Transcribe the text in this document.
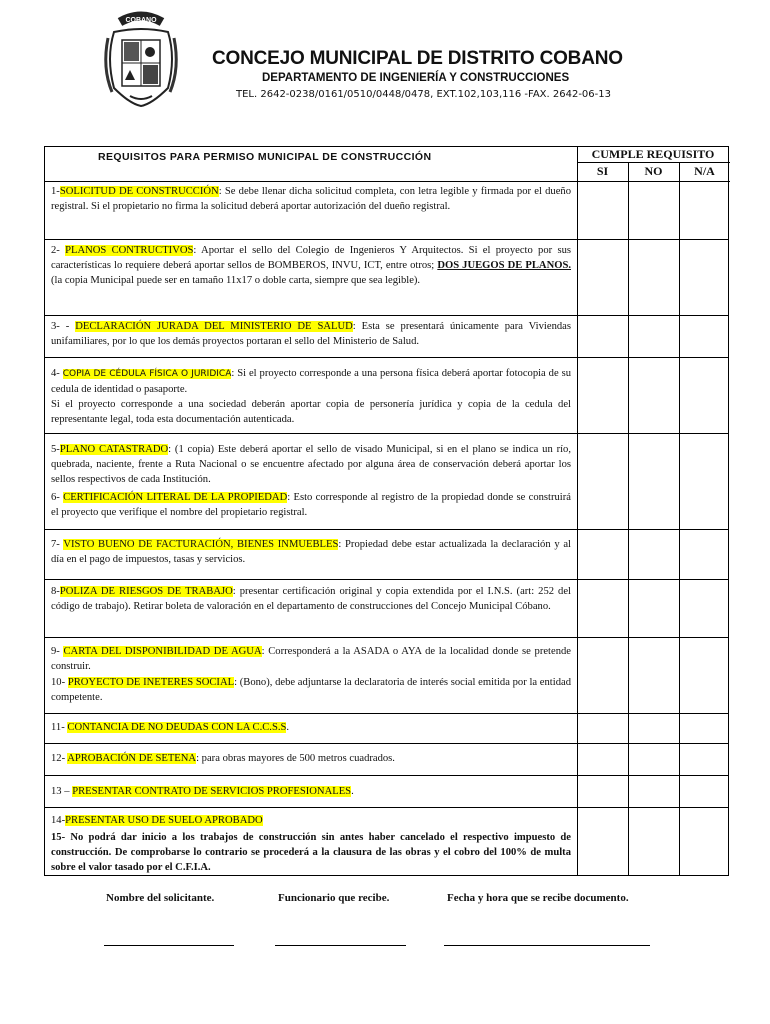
COBANO
CONCEJO MUNICIPAL DE DISTRITO COBANO
DEPARTAMENTO DE INGENIERÍA Y CONSTRUCCIONES
TEL. 2642-0238/0161/0510/0448/0478, EXT.102,103,116 -FAX. 2642-06-13
REQUISITOS PARA PERMISO MUNICIPAL DE CONSTRUCCIÓN	CUMPLE REQUISITO
SI	NO	N/A
1-SOLICITUD DE CONSTRUCCIÓN: Se debe llenar dicha solicitud completa, con letra legible y firmada por el dueño registral. Si el propietario no firma la solicitud deberá aportar autorización del dueño registral.
2- PLANOS CONTRUCTIVOS: Aportar el sello del Colegio de Ingenieros Y Arquitectos. Si el proyecto por sus características lo requiere deberá aportar sellos de BOMBEROS, INVU, ICT, entre otros; DOS JUEGOS DE PLANOS. (la copia Municipal puede ser en tamaño 11x17 o doble carta, siempre que sea legible).
3- - DECLARACIÓN JURADA DEL MINISTERIO DE SALUD: Esta se presentará únicamente para Viviendas unifamiliares, por lo que los demás proyectos portaran el sello del Ministerio de Salud.
4- COPIA DE CÉDULA FÍSICA O JURIDICA: Si el proyecto corresponde a una persona física deberá aportar fotocopia de su cedula de identidad o pasaporte.
Si el proyecto corresponde a una sociedad deberán aportar copia de personería jurídica y copia de la cedula del representante legal, toda esta documentación autenticada.
5-PLANO CATASTRADO: (1 copia) Este deberá aportar el sello de visado Municipal, si en el plano se indica un río, quebrada, naciente, frente a Ruta Nacional o se encuentre afectado por alguna área de conservación deberá aportar los sellos respectivos de cada Institución.
6- CERTIFICACIÓN LITERAL DE LA PROPIEDAD: Esto corresponde al registro de la propiedad donde se construirá el proyecto que verifique el nombre del propietario registral.
7- VISTO BUENO DE FACTURACIÓN, BIENES INMUEBLES: Propiedad debe estar actualizada la declaración y al día en el pago de impuestos, tasas y servicios.
8-POLIZA DE RIESGOS DE TRABAJO: presentar certificación original y copia extendida por el I.N.S. (art: 252 del código de trabajo). Retirar boleta de valoración en el departamento de construcciones del Concejo Municipal Cóbano.
9- CARTA DEL DISPONIBILIDAD DE AGUA: Corresponderá a la ASADA o AYA de la localidad donde se pretende construir.
10- PROYECTO DE INETERES SOCIAL: (Bono), debe adjuntarse la declaratoria de interés social emitida por la entidad competente.
11- CONTANCIA DE NO DEUDAS CON LA C.C.S.S.
12- APROBACIÓN DE SETENA: para obras mayores de 500 metros cuadrados.
13 – PRESENTAR CONTRATO DE SERVICIOS PROFESIONALES.
14-PRESENTAR USO DE SUELO APROBADO
15- No podrá dar inicio a los trabajos de construcción sin antes haber cancelado el respectivo impuesto de construcción. De comprobarse lo contrario se procederá a la clausura de las obras y el cobro del 100% de multa sobre el valor tasado por el C.F.I.A.
Nombre del solicitante.	Funcionario que recibe.	Fecha y hora que se recibe documento.
